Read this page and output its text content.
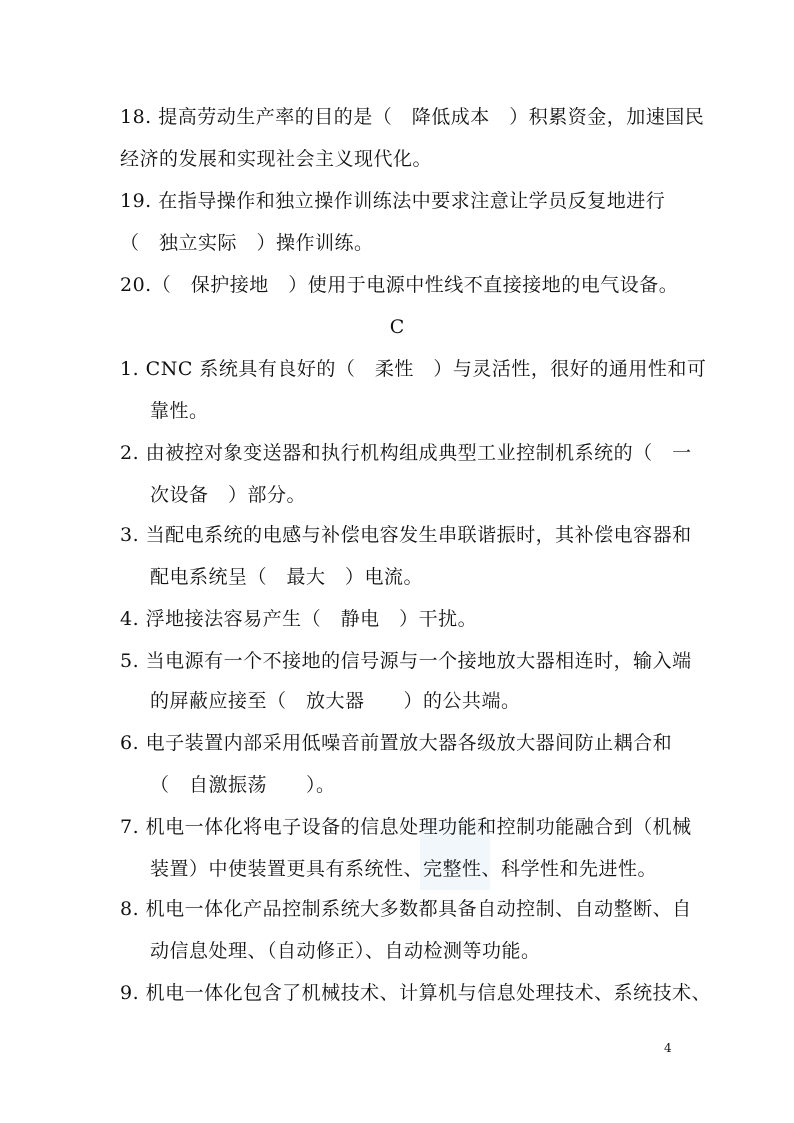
18. 提高劳动生产率的目的是（　降低成本　）积累资金，加速国民
经济的发展和实现社会主义现代化。
19. 在指导操作和独立操作训练法中要求注意让学员反复地进行
（　独立实际　）操作训练。
20.（　保护接地　）使用于电源中性线不直接接地的电气设备。
C
1. CNC 系统具有良好的（　柔性　）与灵活性，很好的通用性和可
靠性。
2. 由被控对象变送器和执行机构组成典型工业控制机系统的（　一
次设备　）部分。
3. 当配电系统的电感与补偿电容发生串联谐振时，其补偿电容器和
配电系统呈（　最大　）电流。
4. 浮地接法容易产生（　静电　）干扰。
5. 当电源有一个不接地的信号源与一个接地放大器相连时，输入端
的屏蔽应接至（　放大器　　）的公共端。
6. 电子装置内部采用低噪音前置放大器各级放大器间防止耦合和
（　自激振荡　　）。
7. 机电一体化将电子设备的信息处理功能和控制功能融合到（机械
装置）中使装置更具有系统性、完整性、科学性和先进性。
8. 机电一体化产品控制系统大多数都具备自动控制、自动整断、自
动信息处理、（自动修正）、自动检测等功能。
9. 机电一体化包含了机械技术、计算机与信息处理技术、系统技术、
4
